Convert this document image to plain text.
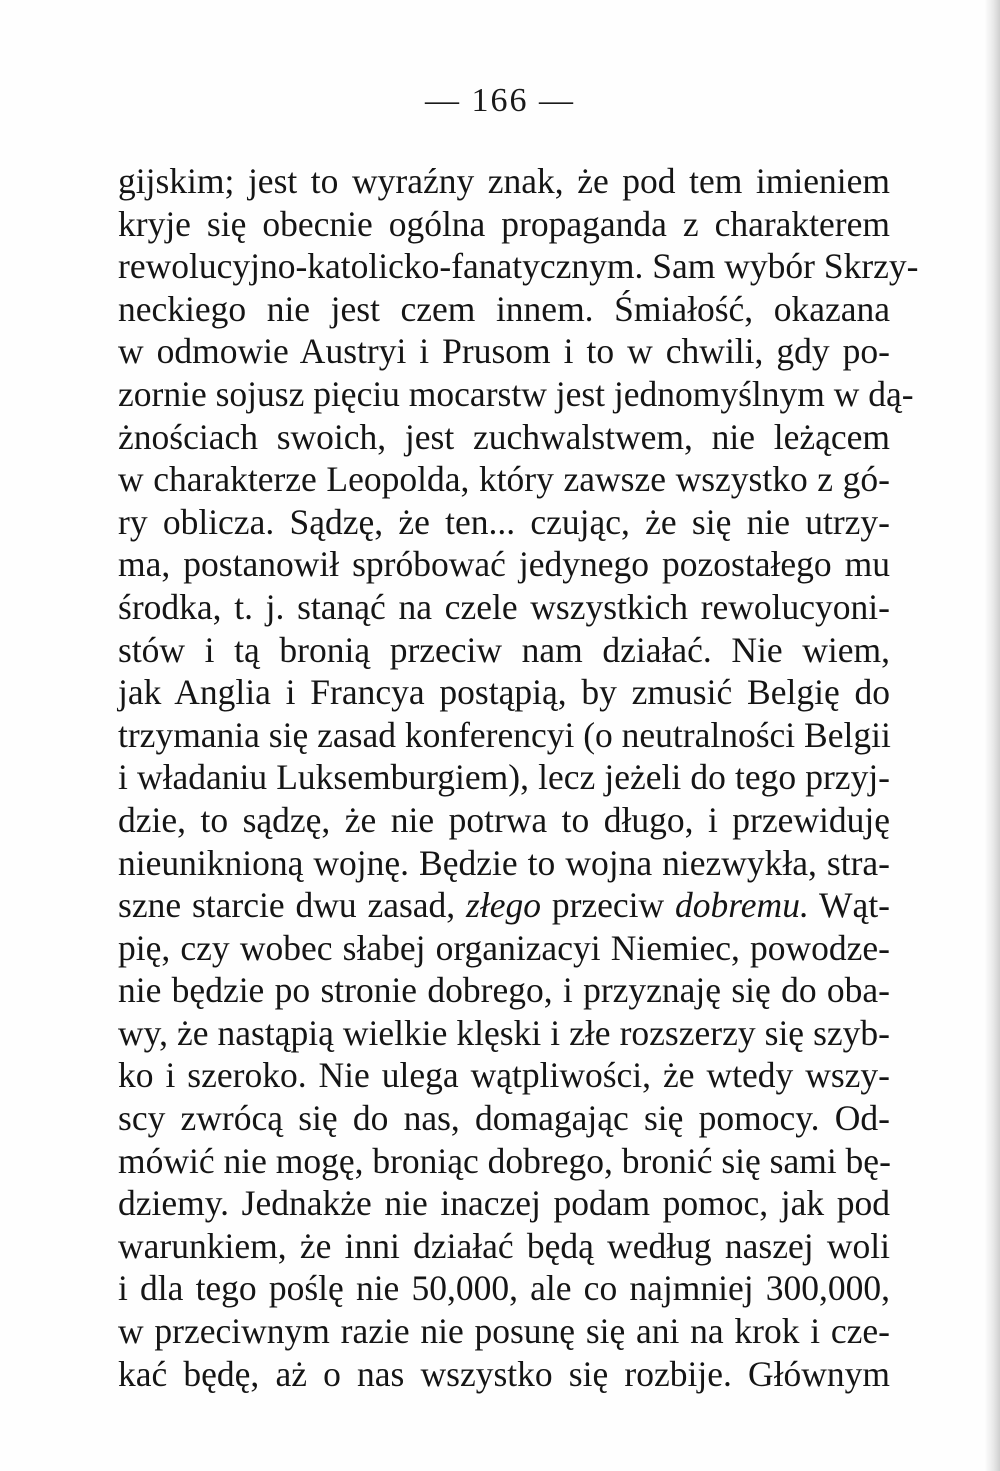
— 166 —
gijskim; jest to wyraźny znak, że pod tem imieniem
kryje się obecnie ogólna propaganda z charakterem
rewolucyjno-katolicko-fanatycznym. Sam wybór Skrzy-
neckiego nie jest czem innem. Śmiałość, okazana
w odmowie Austryi i Prusom i to w chwili, gdy po-
zornie sojusz pięciu mocarstw jest jednomyślnym w dą-
żnościach swoich, jest zuchwalstwem, nie leżącem
w charakterze Leopolda, który zawsze wszystko z gó-
ry oblicza. Sądzę, że ten... czując, że się nie utrzy-
ma, postanowił spróbować jedynego pozostałego mu
środka, t. j. stanąć na czele wszystkich rewolucyoni-
stów i tą bronią przeciw nam działać. Nie wiem,
jak Anglia i Francya postąpią, by zmusić Belgię do
trzymania się zasad konferencyi (o neutralności Belgii
i władaniu Luksemburgiem), lecz jeżeli do tego przyj-
dzie, to sądzę, że nie potrwa to długo, i przewiduję
nieuniknioną wojnę. Będzie to wojna niezwykła, stra-
szne starcie dwu zasad, złego przeciw dobremu. Wąt-
pię, czy wobec słabej organizacyi Niemiec, powodze-
nie będzie po stronie dobrego, i przyznaję się do oba-
wy, że nastąpią wielkie klęski i złe rozszerzy się szyb-
ko i szeroko. Nie ulega wątpliwości, że wtedy wszy-
scy zwrócą się do nas, domagając się pomocy. Od-
mówić nie mogę, broniąc dobrego, bronić się sami bę-
dziemy. Jednakże nie inaczej podam pomoc, jak pod
warunkiem, że inni działać będą według naszej woli
i dla tego poślę nie 50,000, ale co najmniej 300,000,
w przeciwnym razie nie posunę się ani na krok i cze-
kać będę, aż o nas wszystko się rozbije. Głównym
